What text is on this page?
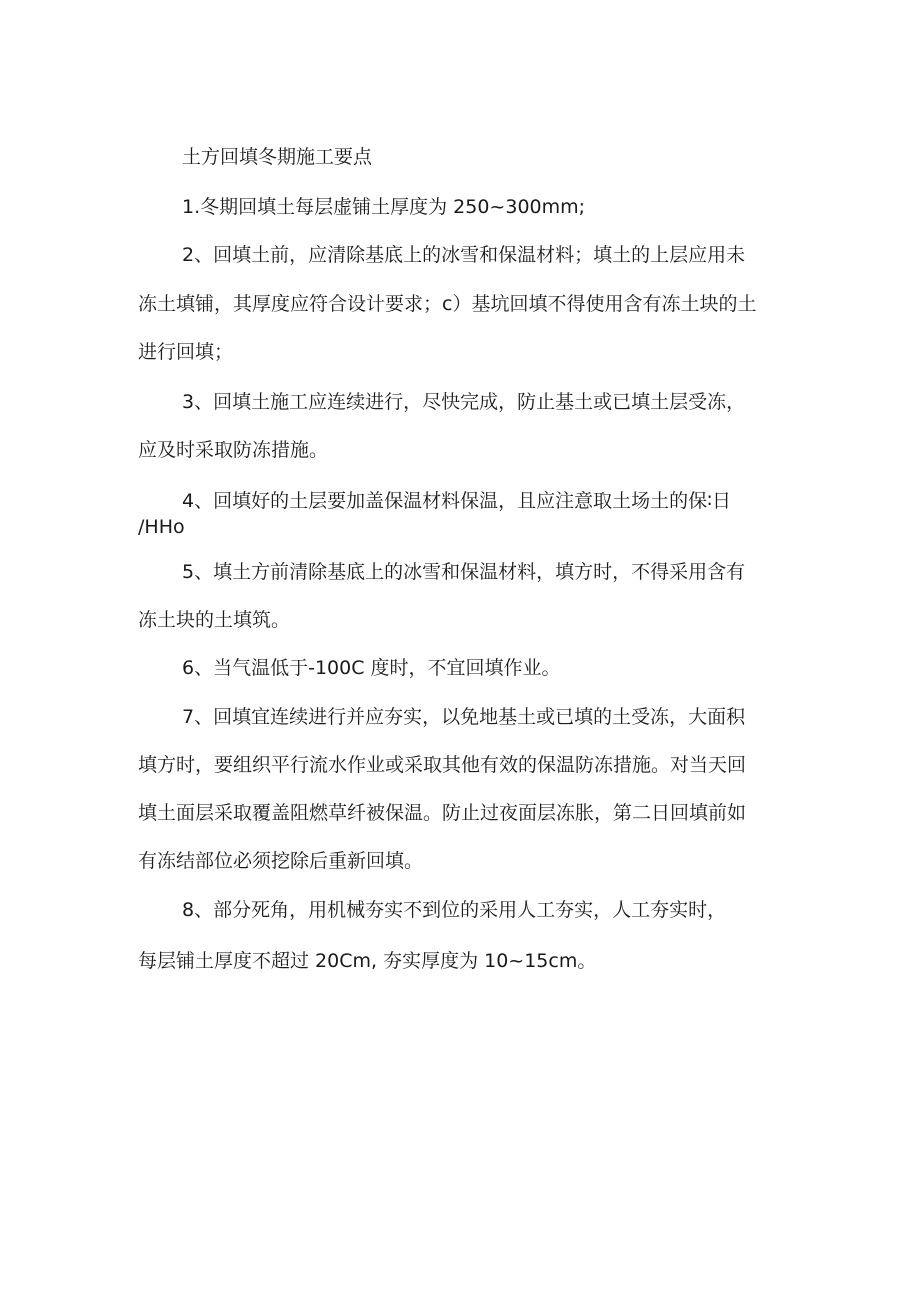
土方回填冬期施工要点

1.冬期回填土每层虚铺土厚度为 250~300mm;

2、回填土前，应清除基底上的冰雪和保温材料；填土的上层应用未

冻土填铺，其厚度应符合设计要求；c）基坑回填不得使用含有冻土块的土

进行回填；

3、回填土施工应连续进行，尽快完成，防止基土或已填土层受冻，

应及时采取防冻措施。

4、回填好的土层要加盖保温材料保温，且应注意取土场土的保∶日

/HHo

5、填土方前清除基底上的冰雪和保温材料，填方时，不得采用含有

冻土块的土填筑。

6、当气温低于-100C 度时，不宜回填作业。

7、回填宜连续进行并应夯实，以免地基土或已填的土受冻，大面积

填方时，要组织平行流水作业或采取其他有效的保温防冻措施。对当天回

填土面层采取覆盖阻燃草纤被保温。防止过夜面层冻胀，第二日回填前如

有冻结部位必须挖除后重新回填。

8、部分死角，用机械夯实不到位的采用人工夯实，人工夯实时，

每层铺土厚度不超过 20Cm, 夯实厚度为 10~15cm。
